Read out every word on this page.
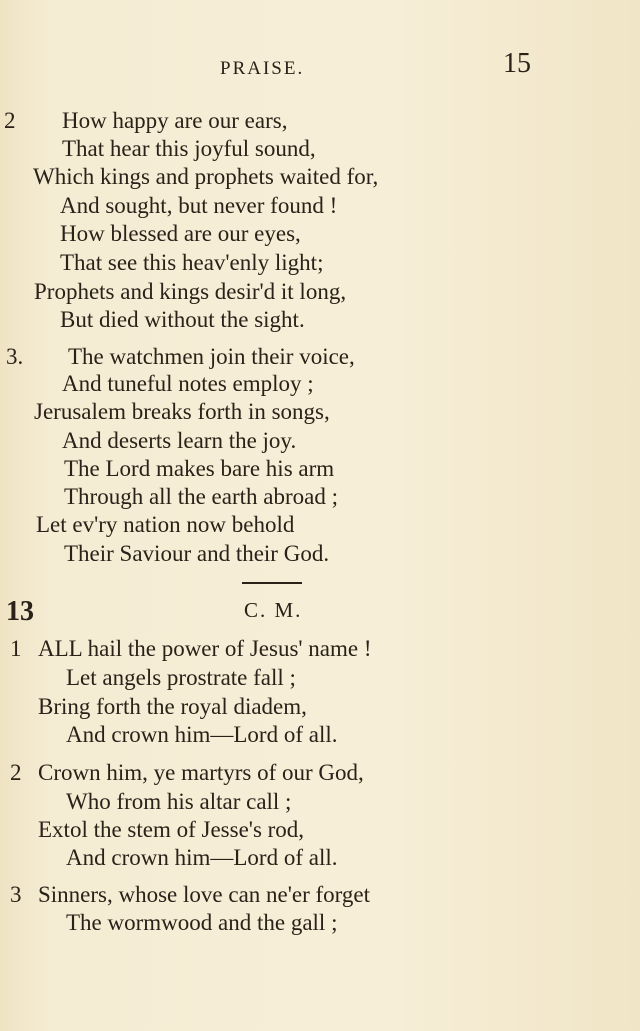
PRAISE.	15
2 How happy are our ears,
That hear this joyful sound,
Which kings and prophets waited for,
And sought, but never found !
How blessed are our eyes,
That see this heav'enly light;
Prophets and kings desir'd it long,
But died without the sight.
3. The watchmen join their voice,
And tuneful notes employ ;
Jerusalem breaks forth in songs,
And deserts learn the joy.
The Lord makes bare his arm
Through all the earth abroad ;
Let ev'ry nation now behold
Their Saviour and their God.
13	C. M.
1 ALL hail the power of Jesus' name !
Let angels prostrate fall ;
Bring forth the royal diadem,
And crown him—Lord of all.
2 Crown him, ye martyrs of our God,
Who from his altar call ;
Extol the stem of Jesse's rod,
And crown him—Lord of all.
3 Sinners, whose love can ne'er forget
The wormwood and the gall ;
